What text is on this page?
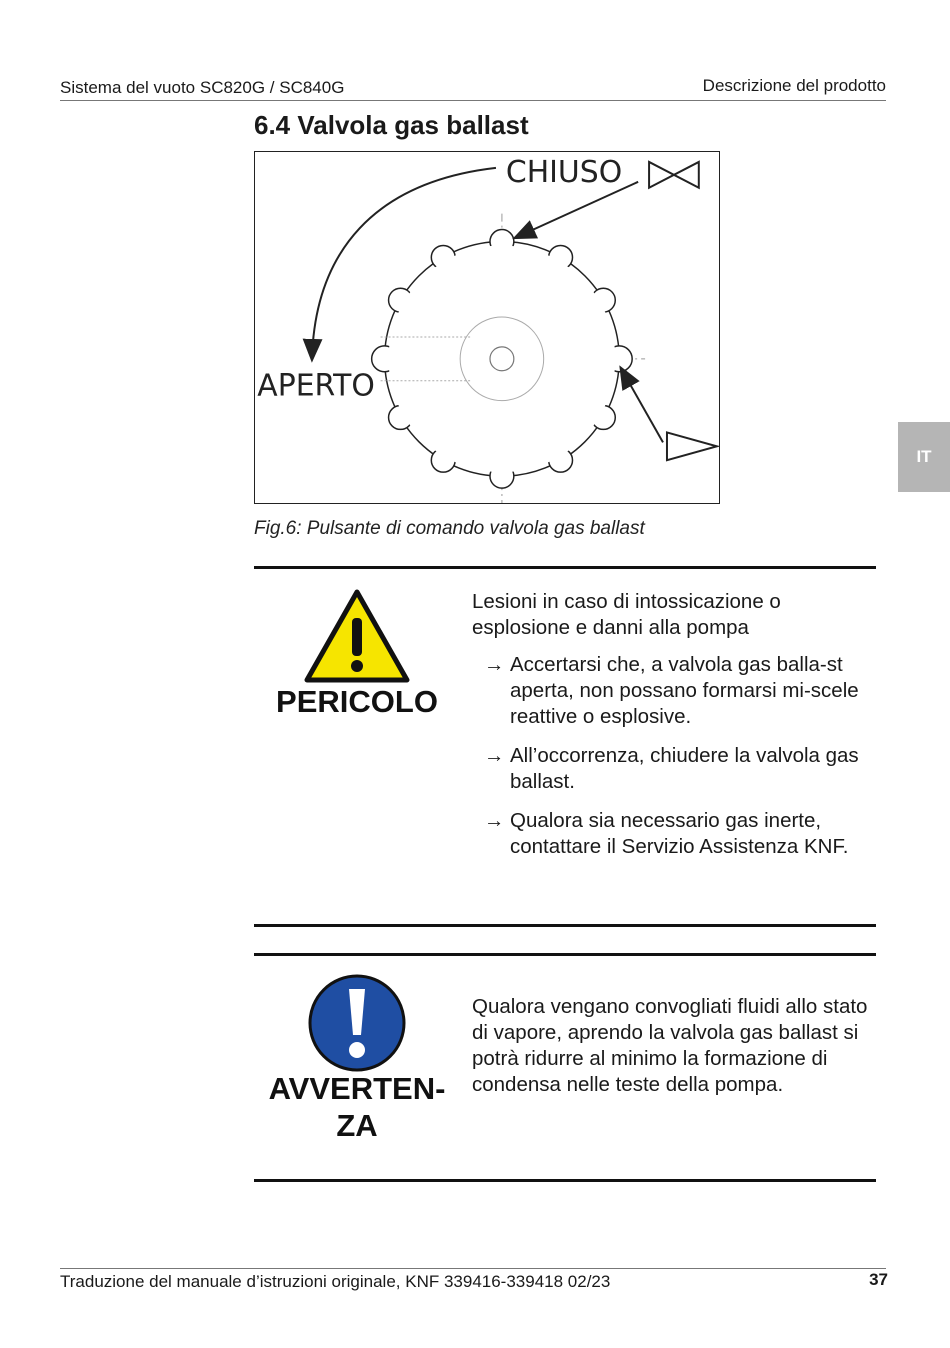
Sistema del vuoto SC820G / SC840G	Descrizione del prodotto
6.4 Valvola gas ballast
CHIUSO
APERTO
Fig.6: Pulsante di comando valvola gas ballast
IT
PERICOLO
Lesioni in caso di intossicazione o esplosione e danni alla pompa
→ Accertarsi che, a valvola gas balla-st aperta, non possano formarsi mi-scele reattive o esplosive.
→ All’occorrenza, chiudere la valvola gas ballast.
→ Qualora sia necessario gas inerte, contattare il Servizio Assistenza KNF.
AVVERTEN-
ZA
Qualora vengano convogliati fluidi allo stato di vapore, aprendo la valvola gas ballast si potrà ridurre al minimo la formazione di condensa nelle teste della pompa.
Traduzione del manuale d’istruzioni originale, KNF 339416-339418 02/23	37
